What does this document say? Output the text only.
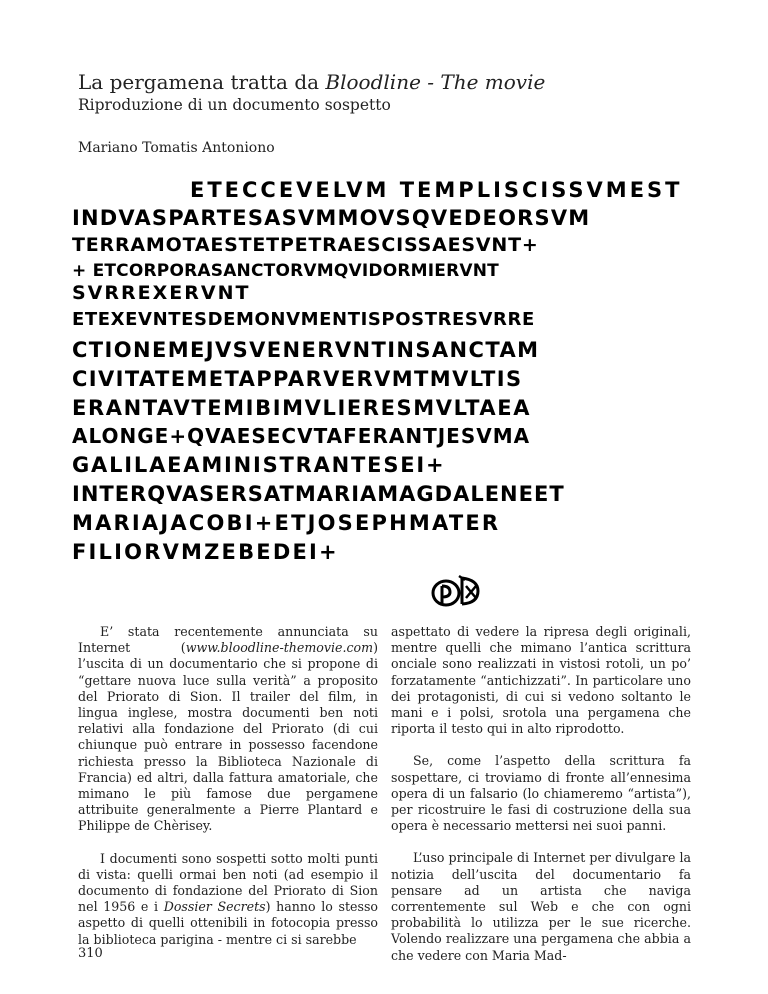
La pergamena tratta da Bloodline - The movie
Riproduzione di un documento sospetto
Mariano Tomatis Antoniono
ETECCEVELVM TEMPLISCISSVMEST
INDVASPARTESASVMMOVSQVEDEORSVM
TERRAMOTAESTETPETRAESCISSAESVNT+
+ ETCORPORASANCTORVMQVIDORMIERVNT
SVRREXERVNT
ETEXEVNTESDEMONVMENTISPOSTRESVRRE
CTIONEMEJVSVENERVNTINSANCTAM
CIVITATEMETAPPARVERVMTMVLTIS
ERANTAVTEMIBIMVLIERESMVLTAEA
ALONGE+QVAESECVTAFERANTJESVMA
GALILAEAMINISTRANTESEI+
INTERQVASERSATMARIAMAGDALENEET
MARIAJACOBI+ETJOSEPHMATER
FILIORVMZEBEDEI+

E’ stata recentemente annunciata su Internet (www.bloodline-themovie.com) l’uscita di un documentario che si propone di “gettare nuova luce sulla verità” a proposito del Priorato di Sion. Il trailer del film, in lingua inglese, mostra documenti ben noti relativi alla fondazione del Priorato (di cui chiunque può entrare in possesso facendone richiesta presso la Biblioteca Nazionale di Francia) ed altri, dalla fattura amatoriale, che mimano le più famose due pergamene attribuite generalmente a Pierre Plantard e Philippe de Chèrisey.

I documenti sono sospetti sotto molti punti di vista: quelli ormai ben noti (ad esempio il documento di fondazione del Priorato di Sion nel 1956 e i Dossier Secrets) hanno lo stesso aspetto di quelli ottenibili in fotocopia presso la biblioteca parigina - mentre ci si sarebbe

aspettato di vedere la ripresa degli originali, mentre quelli che mimano l’antica scrittura onciale sono realizzati in vistosi rotoli, un po’ forzatamente “antichizzati”. In particolare uno dei protagonisti, di cui si vedono soltanto le mani e i polsi, srotola una pergamena che riporta il testo qui in alto riprodotto.

Se, come l’aspetto della scrittura fa sospettare, ci troviamo di fronte all’ennesima opera di un falsario (lo chiameremo “artista”), per ricostruire le fasi di costruzione della sua opera è necessario mettersi nei suoi panni.

L’uso principale di Internet per divulgare la notizia dell’uscita del documentario fa pensare ad un artista che naviga correntemente sul Web e che con ogni probabilità lo utilizza per le sue ricerche. Volendo realizzare una pergamena che abbia a che vedere con Maria Mad-

310
